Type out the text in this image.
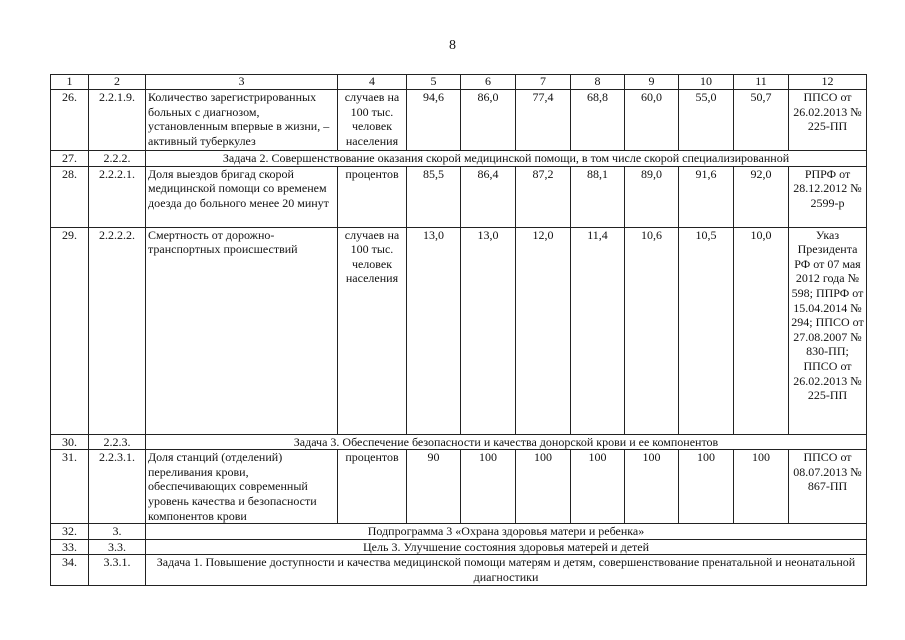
8
1	2	3	4	5	6	7	8	9	10	11	12
26.	2.2.1.9.	Количество зарегистрированных больных с диагнозом, установленным впервые в жизни, – активный туберкулез	случаев на 100 тыс. человек населения	94,6	86,0	77,4	68,8	60,0	55,0	50,7	ППСО от 26.02.2013 № 225-ПП
27.	2.2.2.	Задача 2. Совершенствование оказания скорой медицинской помощи, в том числе скорой специализированной									
28.	2.2.2.1.	Доля выездов бригад скорой медицинской помощи со временем доезда до больного менее 20 минут	процентов	85,5	86,4	87,2	88,1	89,0	91,6	92,0	РПРФ от 28.12.2012 № 2599-р
29.	2.2.2.2.	Смертность от дорожно-транспортных происшествий	случаев на 100 тыс. человек населения	13,0	13,0	12,0	11,4	10,6	10,5	10,0	Указ Президента РФ от 07 мая 2012 года № 598; ППРФ от 15.04.2014 № 294; ППСО от 27.08.2007 № 830-ПП; ППСО от 26.02.2013 № 225-ПП
30.	2.2.3.	Задача 3. Обеспечение безопасности и качества донорской крови и ее компонентов									
31.	2.2.3.1.	Доля станций (отделений) переливания крови, обеспечивающих современный уровень качества и безопасности компонентов крови	процентов	90	100	100	100	100	100	100	ППСО от 08.07.2013 № 867-ПП
32.	3.	Подпрограмма 3 «Охрана здоровья матери и ребенка»									
33.	3.3.	Цель 3. Улучшение состояния здоровья матерей и детей									
34.	3.3.1.	Задача 1. Повышение доступности и качества медицинской помощи матерям и детям, совершенствование пренатальной и неонатальной диагностики									
